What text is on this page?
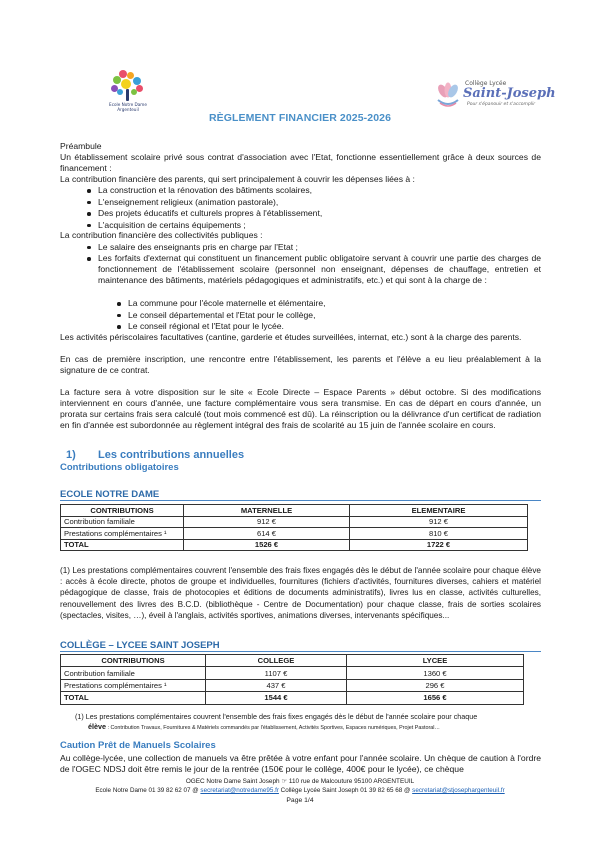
Ecole Notre Dame
Argenteuil
Collège Lycée
Saint-Joseph
Pour s'épanouir et s'accomplir
RÈGLEMENT FINANCIER 2025-2026
Préambule
Un établissement scolaire privé sous contrat d'association avec l'Etat, fonctionne essentiellement grâce à deux sources de financement :
La contribution financière des parents, qui sert principalement à couvrir les dépenses liées à :
La construction et la rénovation des bâtiments scolaires,
L'enseignement religieux (animation pastorale),
Des projets éducatifs et culturels propres à l'établissement,
L'acquisition de certains équipements ;
La contribution financière des collectivités publiques :
Le salaire des enseignants pris en charge par l'Etat ;
Les forfaits d'externat qui constituent un financement public obligatoire servant à couvrir une partie des charges de fonctionnement de l'établissement scolaire (personnel non enseignant, dépenses de chauffage, entretien et maintenance des bâtiments, matériels pédagogiques et administratifs, etc.) et qui sont à la charge de :
La commune pour l'école maternelle et élémentaire,
Le conseil départemental et l'Etat pour le collège,
Le conseil régional et l'Etat pour le lycée.
Les activités périscolaires facultatives (cantine, garderie et études surveillées, internat, etc.) sont à la charge des parents.
En cas de première inscription, une rencontre entre l'établissement, les parents et l'élève a eu lieu préalablement à la signature de ce contrat.
La facture sera à votre disposition sur le site « Ecole Directe – Espace Parents » début octobre. Si des modifications interviennent en cours d'année, une facture complémentaire vous sera transmise. En cas de départ en cours d'année, un prorata sur certains frais sera calculé (tout mois commencé est dû). La réinscription ou la délivrance d'un certificat de radiation en fin d'année est subordonnée au règlement intégral des frais de scolarité au 15 juin de l'année scolaire en cours.
1) Les contributions annuelles
Contributions obligatoires
ECOLE NOTRE DAME
CONTRIBUTIONS	MATERNELLE	ELEMENTAIRE
Contribution familiale	912 €	912 €
Prestations complémentaires ¹	614 €	810 €
TOTAL	1526 €	1722 €
(1) Les prestations complémentaires couvrent l'ensemble des frais fixes engagés dès le début de l'année scolaire pour chaque élève : accès à école directe, photos de groupe et individuelles, fournitures (fichiers d'activités, fournitures diverses, cahiers et matériel pédagogique de classe, frais de photocopies et éditions de documents administratifs), livres lus en classe, activités culturelles, renouvellement des livres des B.C.D. (bibliothèque - Centre de Documentation) pour chaque classe, frais de sorties scolaires (spectacles, visites, …), éveil à l'anglais, activités sportives, animations diverses, intervenants spécifiques...
COLLÈGE – LYCEE SAINT JOSEPH
CONTRIBUTIONS	COLLEGE	LYCEE
Contribution familiale	1107 €	1360 €
Prestations complémentaires ¹	437 €	296 €
TOTAL	1544 €	1656 €
(1) Les prestations complémentaires couvrent l'ensemble des frais fixes engagés dès le début de l'année scolaire pour chaque
élève : Contribution Travaux, Fournitures & Matériels commandés par l'établissement, Activités Sportives, Espaces numériques, Projet Pastoral…
Caution Prêt de Manuels Scolaires
Au collège-lycée, une collection de manuels va être prêtée à votre enfant pour l'année scolaire. Un chèque de caution à l'ordre de l'OGEC NDSJ doit être remis le jour de la rentrée (150€ pour le collège, 400€ pour le lycée), ce chèque
OGEC Notre Dame Saint Joseph ☞ 110 rue de Malcouture 95100 ARGENTEUIL
Ecole Notre Dame 01 39 82 62 07 @ secretariat@notredame95.fr Collège Lycée Saint Joseph 01 39 82 65 68 @ secretariat@stjosephargenteuil.fr
Page 1/4
